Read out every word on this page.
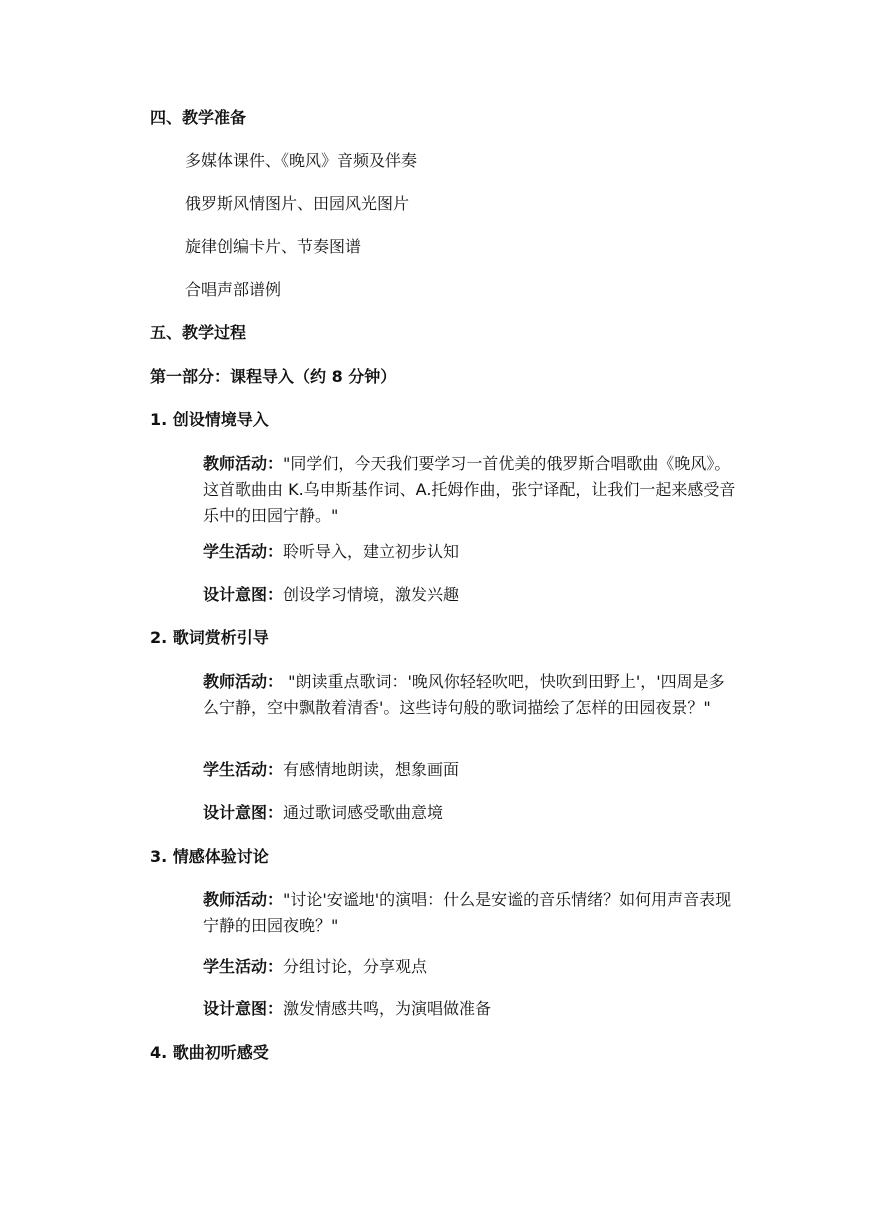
四、教学准备
多媒体课件、《晚风》音频及伴奏
俄罗斯风情图片、田园风光图片
旋律创编卡片、节奏图谱
合唱声部谱例
五、教学过程
第一部分：课程导入（约 8 分钟）
1. 创设情境导入

教师活动："同学们，今天我们要学习一首优美的俄罗斯合唱歌曲《晚风》。这首歌曲由 K.乌申斯基作词、A.托姆作曲，张宁译配，让我们一起来感受音乐中的田园宁静。"

学生活动：聆听导入，建立初步认知
设计意图：创设学习情境，激发兴趣
2. 歌词赏析引导

教师活动： "朗读重点歌词：'晚风你轻轻吹吧，快吹到田野上'，'四周是多么宁静，空中飘散着清香'。这些诗句般的歌词描绘了怎样的田园夜景？"

学生活动：有感情地朗读，想象画面
设计意图：通过歌词感受歌曲意境
3. 情感体验讨论

教师活动："讨论'安谧地'的演唱：什么是安谧的音乐情绪？如何用声音表现宁静的田园夜晚？"

学生活动：分组讨论，分享观点
设计意图：激发情感共鸣，为演唱做准备
4. 歌曲初听感受
